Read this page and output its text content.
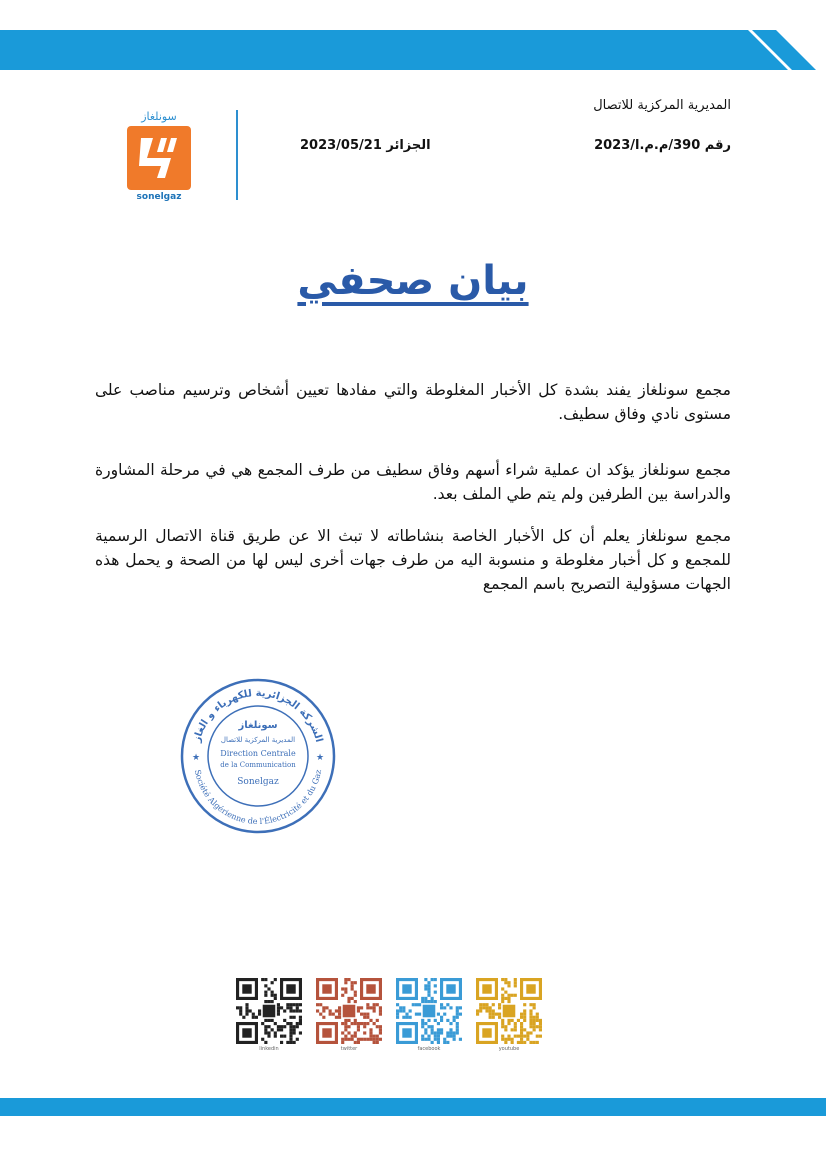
سونلغاز
sonelgaz
المديرية المركزية للاتصال
رقم 390/م.م.ا/2023
الجزائر 2023/05/21
بيان صحفي
مجمع سونلغاز يفند بشدة كل الأخبار المغلوطة والتي مفادها تعيين أشخاص وترسيم مناصب على مستوى نادي وفاق سطيف.
مجمع سونلغاز يؤكد ان عملية شراء أسهم وفاق سطيف من طرف المجمع هي في مرحلة المشاورة والدراسة بين الطرفين ولم يتم طي الملف بعد.
مجمع سونلغاز يعلم أن كل الأخبار الخاصة بنشاطاته لا تبث الا عن طريق قناة الاتصال الرسمية للمجمع و كل أخبار مغلوطة و منسوبة اليه من طرف جهات أخرى ليس لها من الصحة و يحمل هذه الجهات مسؤولية التصريح باسم المجمع
الشركة الجزائرية للكهرباء و الغاز
Société Algérienne de l'Électricité et du Gaz
سونلغاز
المديرية المركزية للاتصال
Direction Centrale
de la Communication
Sonelgaz
★	★
linkedin	twitter	facebook	youtube
